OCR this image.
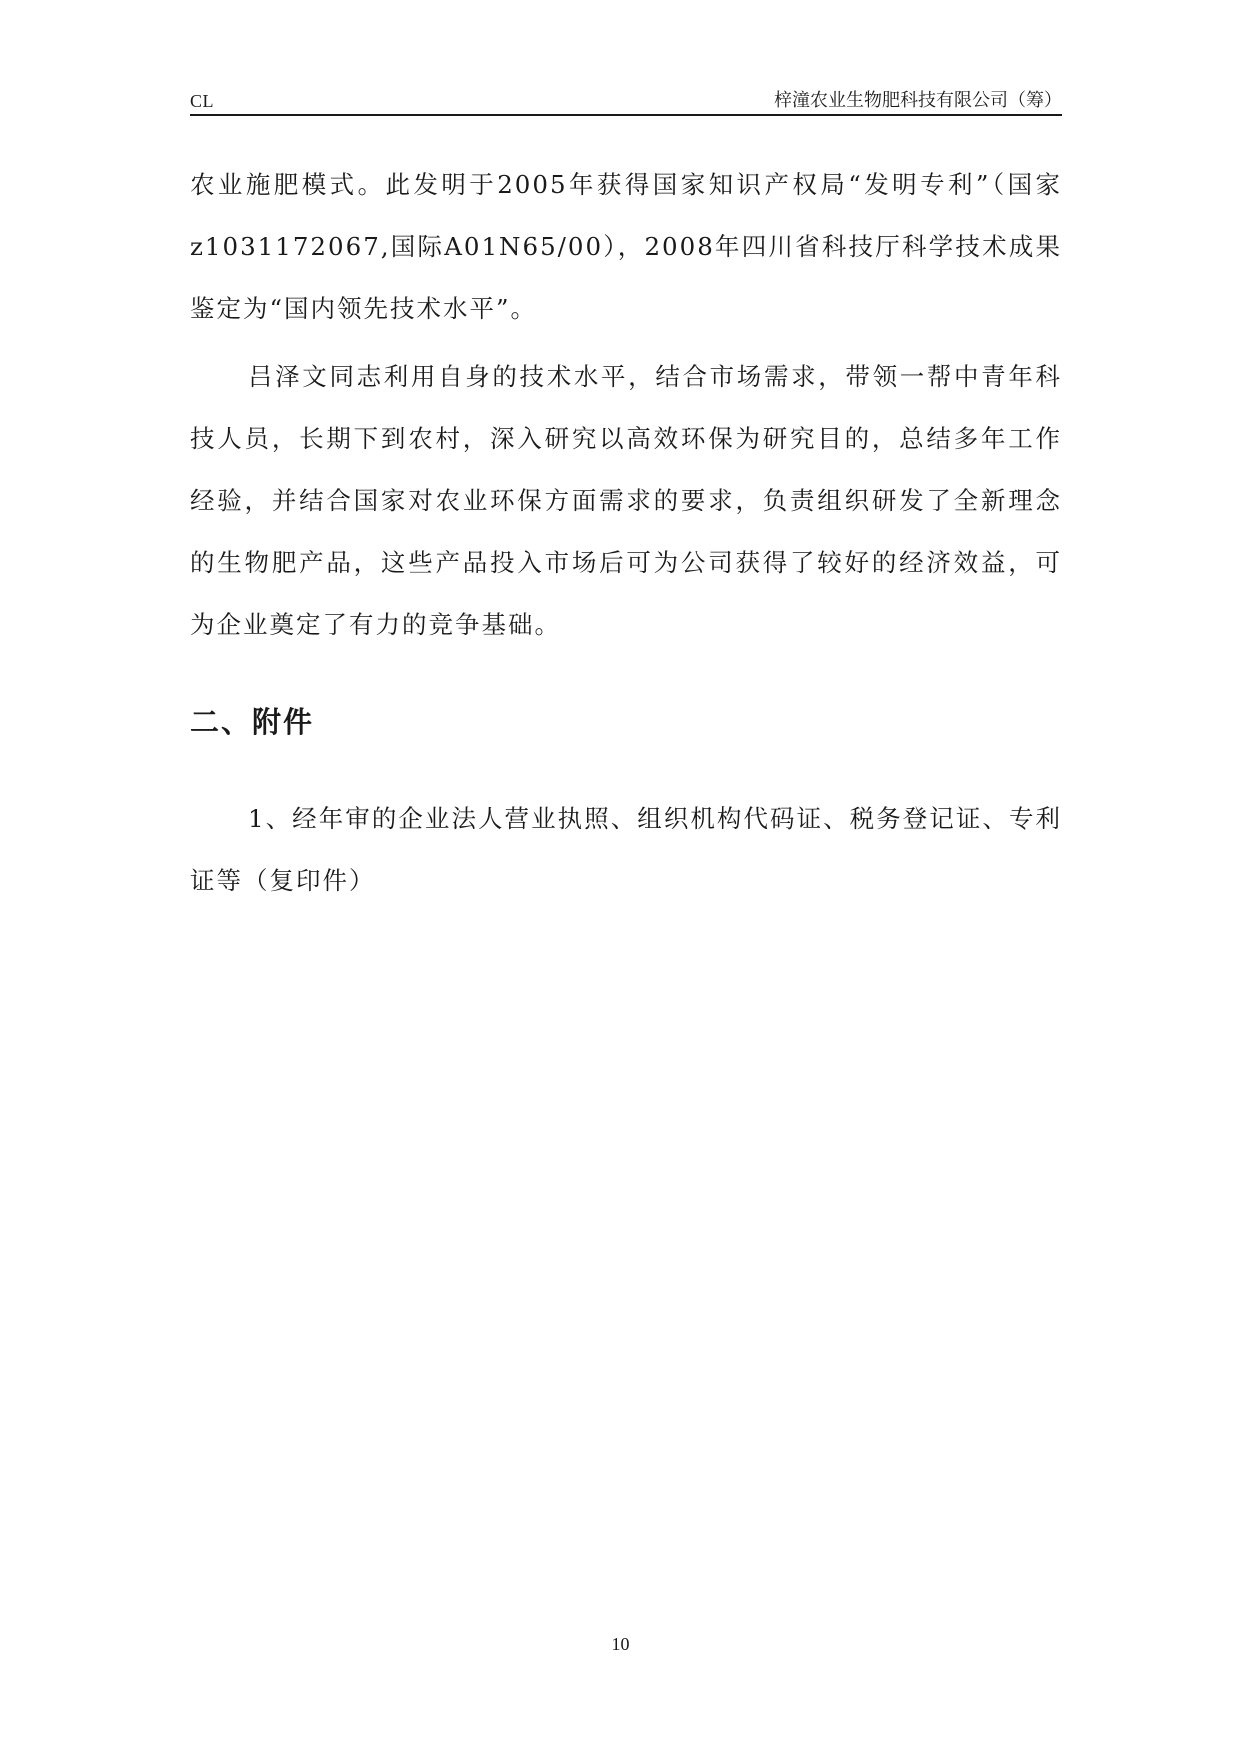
CL	梓潼农业生物肥科技有限公司（筹）
农业施肥模式。此发明于2005年获得国家知识产权局“发明专利”（国家z1031172067,国际A01N65/00），2008年四川省科技厅科学技术成果鉴定为“国内领先技术水平”。
吕泽文同志利用自身的技术水平，结合市场需求，带领一帮中青年科技人员，长期下到农村，深入研究以高效环保为研究目的，总结多年工作经验，并结合国家对农业环保方面需求的要求，负责组织研发了全新理念的生物肥产品，这些产品投入市场后可为公司获得了较好的经济效益，可为企业奠定了有力的竞争基础。
二、附件
1、经年审的企业法人营业执照、组织机构代码证、税务登记证、专利证等（复印件）
10
